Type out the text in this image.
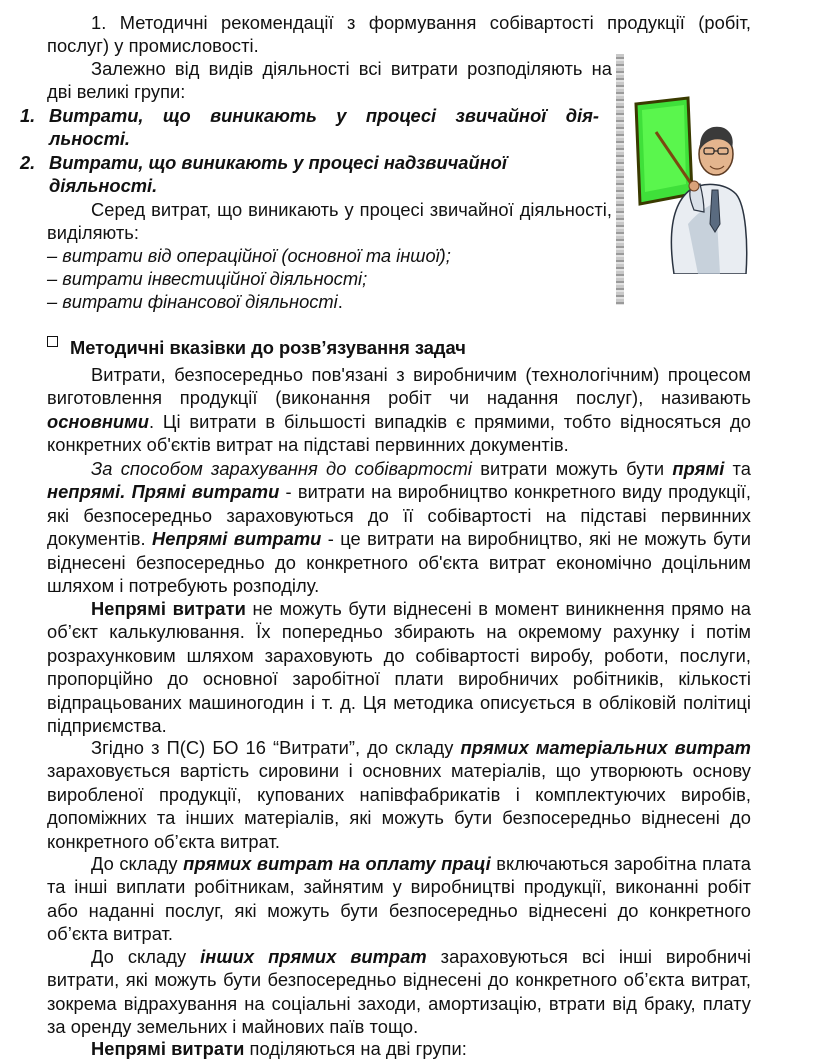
1. Методичні рекомендації з формування собівартості продукції (робіт, послуг) у промисловості.

Залежно від видів діяльності всі витрати розподіляють на дві великі групи:

1. Витрати, що виникають у процесі звичайної дія-
льності.
2. Витрати, що виникають у процесі надзвичайної
діяльності.

Серед витрат, що виникають у процесі звичайної діяльності, виділяють:

– витрати від операційної (основної та іншої);
– витрати інвестиційної діяльності;
– витрати фінансової діяльності.
Методичні вказівки до розв’язування задач

Витрати, безпосередньо пов'язані з виробничим (технологічним) процесом виготовлення продукції (виконання робіт чи надання послуг), називають основними. Ці витрати в більшості випадків є прямими, тобто відносяться до конкретних об'єктів витрат на підставі первинних документів.

За способом зарахування до собівартості витрати можуть бути прямі та непрямі. Прямі витрати - витрати на виробництво конкретного виду продукції, які безпосередньо зараховуються до її собівартості на підставі первинних документів. Непрямі витрати - це витрати на виробництво, які не можуть бути віднесені безпосередньо до конкретного об'єкта витрат економічно доцільним шляхом і потребують розподілу.

Непрямі витрати не можуть бути віднесені в момент виникнення прямо на об’єкт калькулювання. Їх попередньо збирають на окремому рахунку і потім розрахунковим шляхом зараховують до собівартості виробу, роботи, послуги, пропорційно до основної заробітної плати виробничих робітників, кількості відпрацьованих машиногодин і т. д. Ця методика описується в обліковій політиці підприємства.

Згідно з П(С) БО 16 “Витрати”, до складу прямих матеріальних витрат зараховується вартість сировини і основних матеріалів, що утворюють основу виробленої продукції, купованих напівфабрикатів і комплектуючих виробів, допоміжних та інших матеріалів, які можуть бути безпосередньо віднесені до конкретного об’єкта витрат.

До складу прямих витрат на оплату праці включаються заробітна плата та інші виплати робітникам, зайнятим у виробництві продукції, виконанні робіт або наданні послуг, які можуть бути безпосередньо віднесені до конкретного об’єкта витрат.

До складу інших прямих витрат зараховуються всі інші виробничі витрати, які можуть бути безпосередньо віднесені до конкретного об’єкта витрат, зокрема відрахування на соціальні заходи, амортизацію, втрати від браку, плату за оренду земельних і майнових паїв тощо.

Непрямі витрати поділяються на дві групи:
